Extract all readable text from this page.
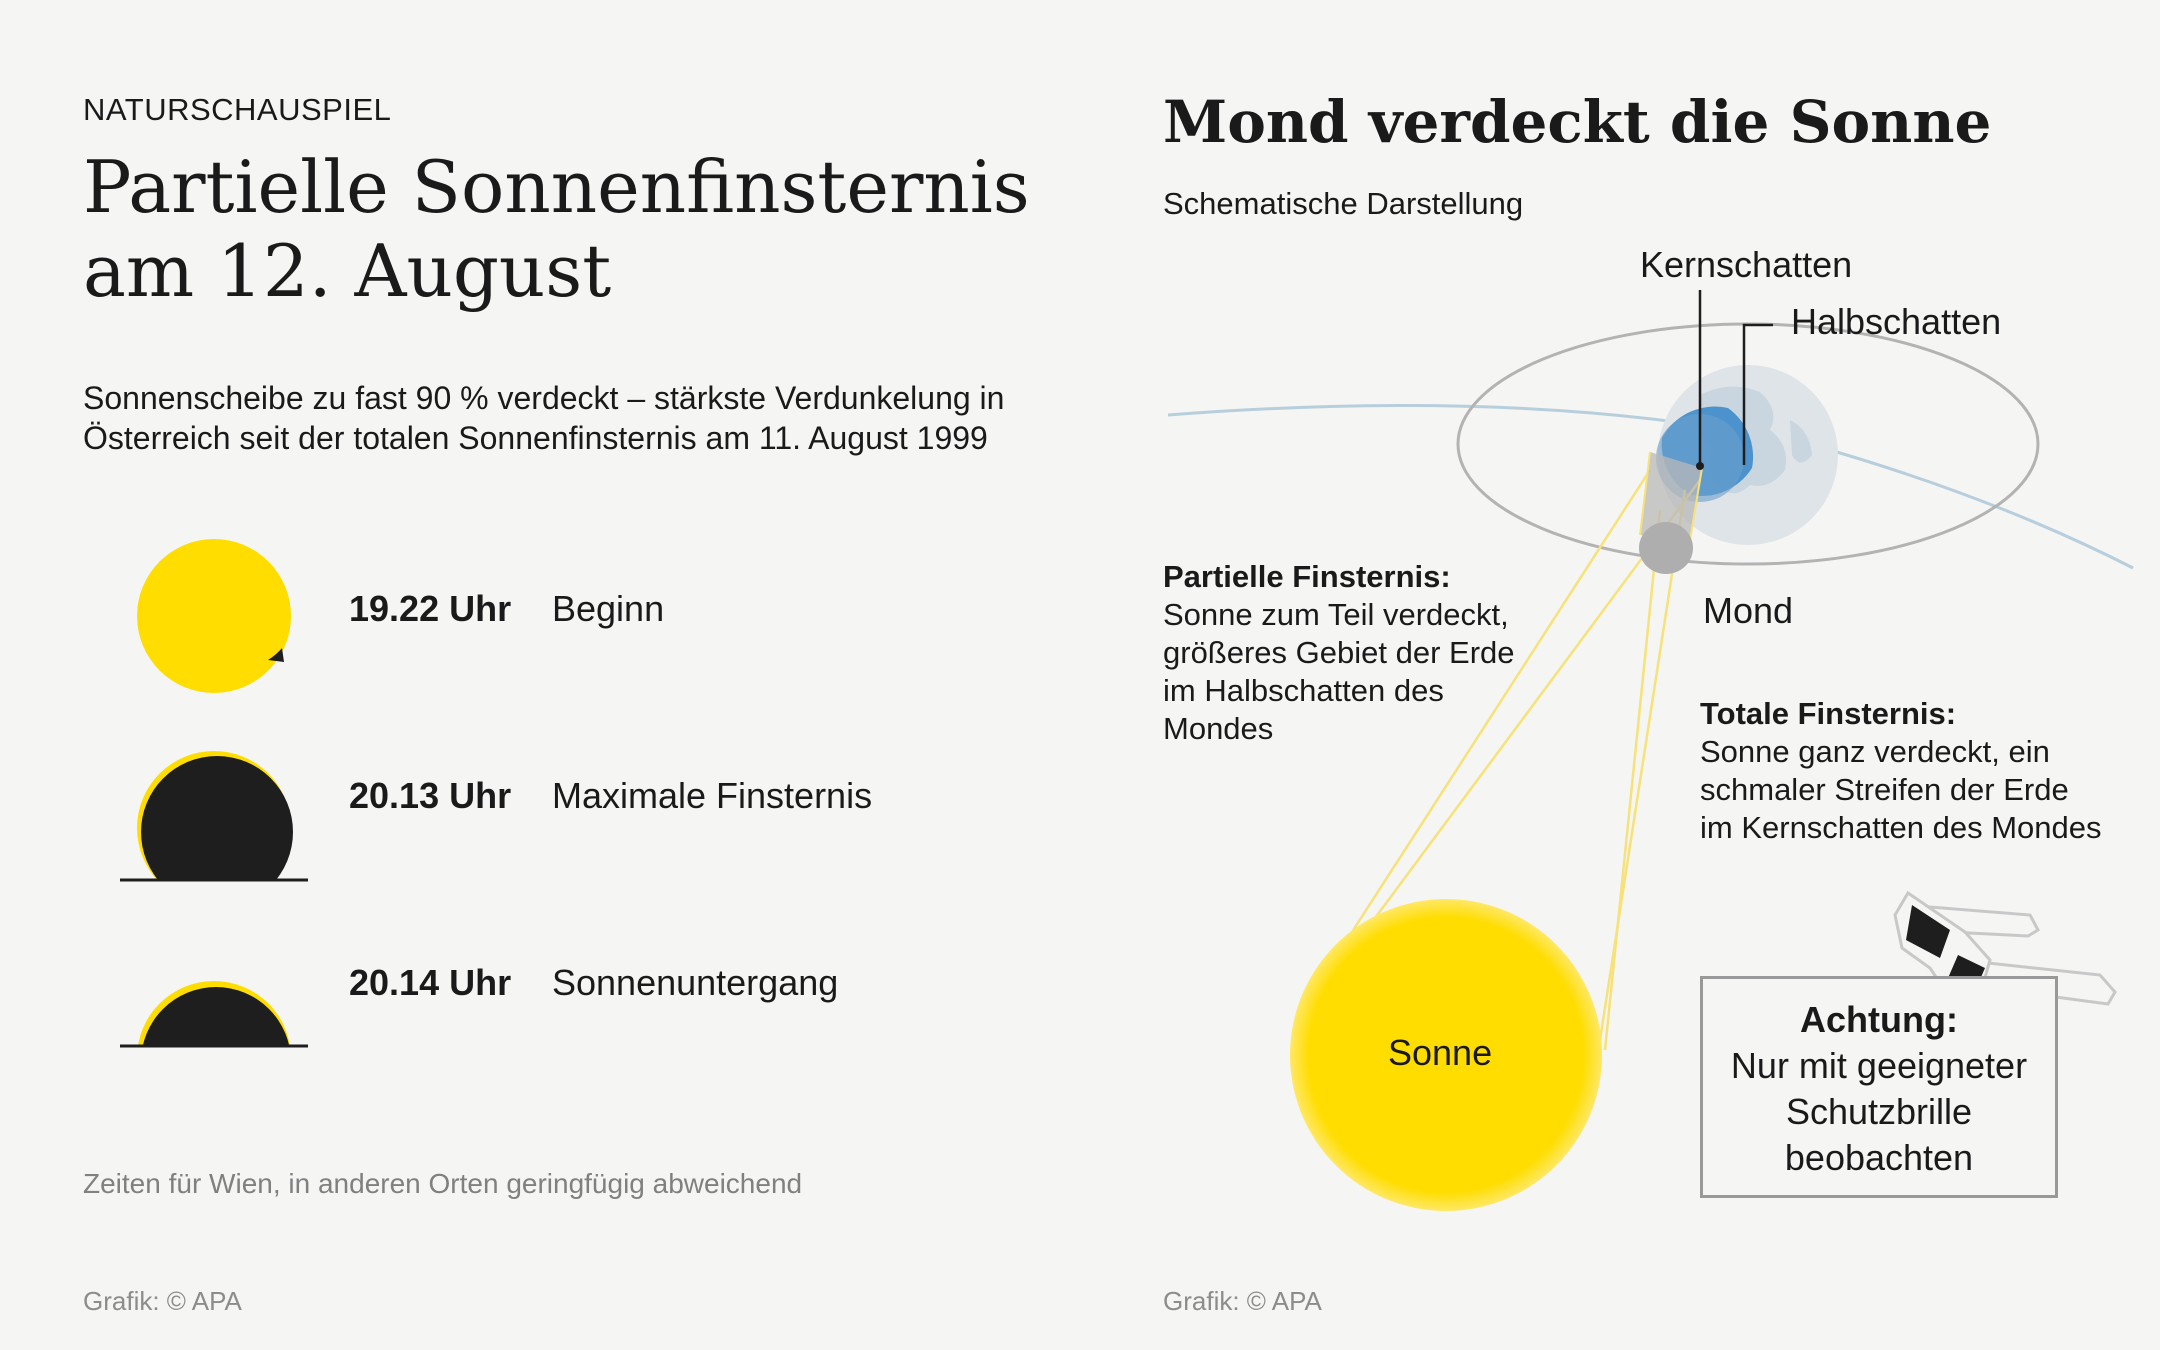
NATURSCHAUSPIEL
Partielle Sonnenfinsternis
am 12. August

Sonnenscheibe zu fast 90 % verdeckt – stärkste Verdunkelung in
Österreich seit der totalen Sonnenfinsternis am 11. August 1999

19.22 Uhr Beginn
20.13 Uhr Maximale Finsternis
20.14 Uhr Sonnenuntergang
Zeiten für Wien, in anderen Orten geringfügig abweichend
Grafik: © APA
Mond verdeckt die Sonne
Schematische Darstellung
Kernschatten
Halbschatten
Mond
Sonne
Partielle Finsternis:
Sonne zum Teil verdeckt,
größeres Gebiet der Erde
im Halbschatten des
Mondes	Totale Finsternis:
Sonne ganz verdeckt, ein
schmaler Streifen der Erde
im Kernschatten des Mondes
Achtung:
Nur mit geeigneter
Schutzbrille
beobachten
Grafik: © APA
